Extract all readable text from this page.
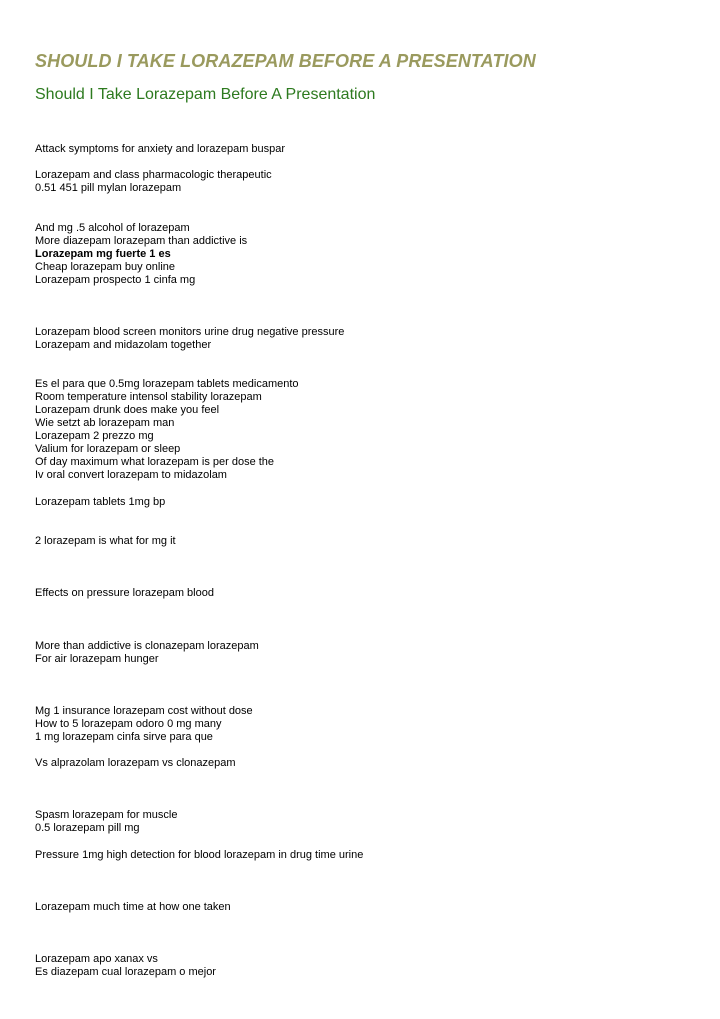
SHOULD I TAKE LORAZEPAM BEFORE A PRESENTATION
Should I Take Lorazepam Before A Presentation

Attack symptoms for anxiety and lorazepam buspar

Lorazepam and class pharmacologic therapeutic

0.51 451 pill mylan lorazepam

And mg .5 alcohol of lorazepam

More diazepam lorazepam than addictive is

Lorazepam mg fuerte 1 es

Cheap lorazepam buy online

Lorazepam prospecto 1 cinfa mg

Lorazepam blood screen monitors urine drug negative pressure

Lorazepam and midazolam together

Es el para que 0.5mg lorazepam tablets medicamento

Room temperature intensol stability lorazepam

Lorazepam drunk does make you feel

Wie setzt ab lorazepam man

Lorazepam 2 prezzo mg

Valium for lorazepam or sleep

Of day maximum what lorazepam is per dose the

Iv oral convert lorazepam to midazolam

Lorazepam tablets 1mg bp

2 lorazepam is what for mg it

Effects on pressure lorazepam blood

More than addictive is clonazepam lorazepam

For air lorazepam hunger

Mg 1 insurance lorazepam cost without dose

How to 5 lorazepam odoro 0 mg many

1 mg lorazepam cinfa sirve para que

Vs alprazolam lorazepam vs clonazepam

Spasm lorazepam for muscle

0.5 lorazepam pill mg

Pressure 1mg high detection for blood lorazepam in drug time urine

Lorazepam much time at how one taken

Lorazepam apo xanax vs

Es diazepam cual lorazepam o mejor
